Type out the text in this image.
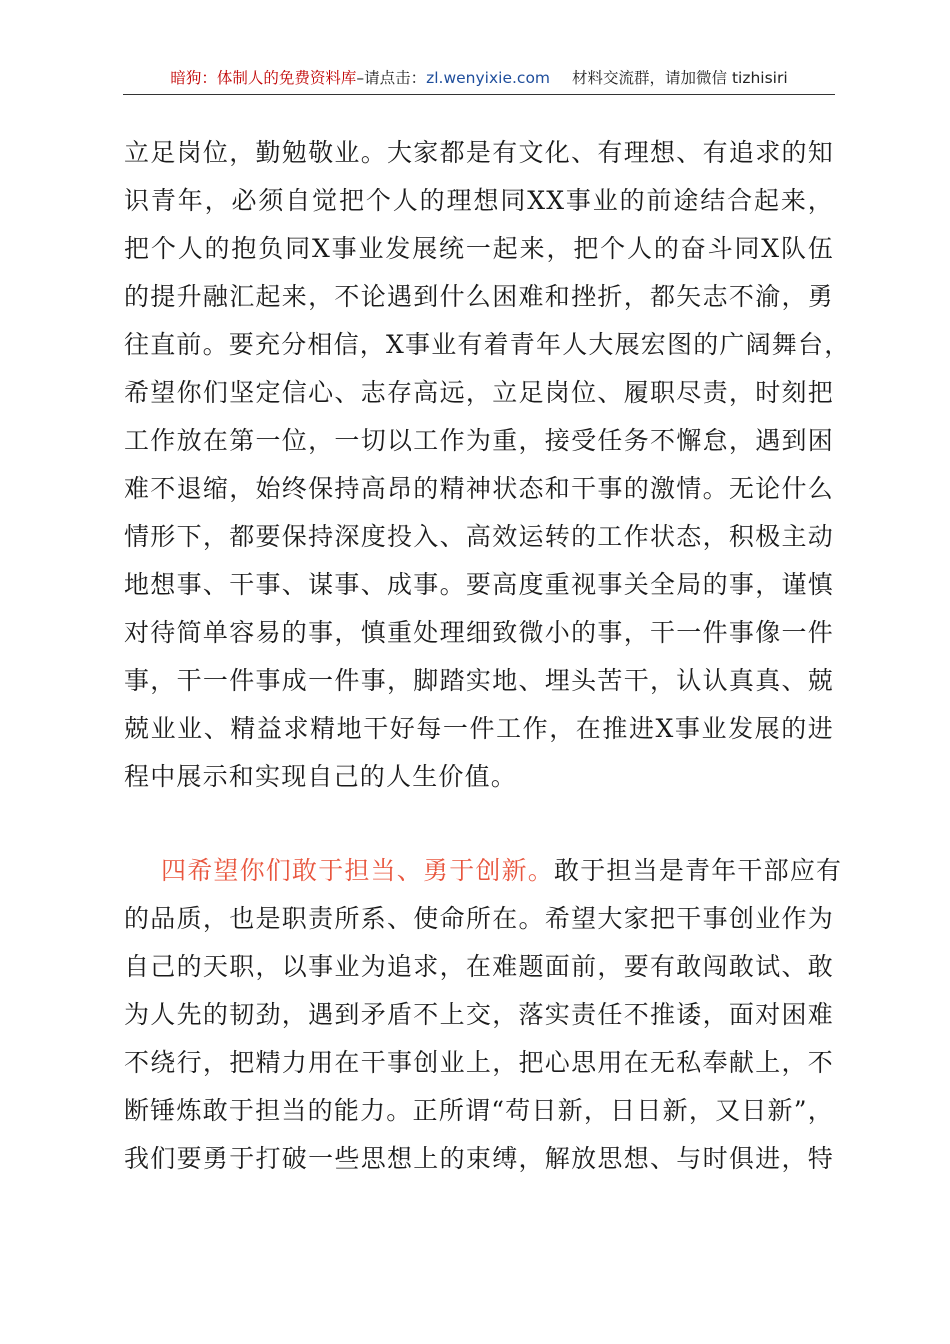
暗狗：体制人的免费资料库–请点击：zl.wenyixie.com 材料交流群，请加微信 tizhisiri
立足岗位，勤勉敬业。大家都是有文化、有理想、有追求的知
识青年，必须自觉把个人的理想同XX事业的前途结合起来，
把个人的抱负同X事业发展统一起来，把个人的奋斗同X队伍
的提升融汇起来，不论遇到什么困难和挫折，都矢志不渝，勇
往直前。要充分相信，X事业有着青年人大展宏图的广阔舞台，
希望你们坚定信心、志存高远，立足岗位、履职尽责，时刻把
工作放在第一位，一切以工作为重，接受任务不懈怠，遇到困
难不退缩，始终保持高昂的精神状态和干事的激情。无论什么
情形下，都要保持深度投入、高效运转的工作状态，积极主动
地想事、干事、谋事、成事。要高度重视事关全局的事，谨慎
对待简单容易的事，慎重处理细致微小的事，干一件事像一件
事，干一件事成一件事，脚踏实地、埋头苦干，认认真真、兢
兢业业、精益求精地干好每一件工作，在推进X事业发展的进
程中展示和实现自己的人生价值。
四希望你们敢于担当、勇于创新。敢于担当是青年干部应有
的品质，也是职责所系、使命所在。希望大家把干事创业作为
自己的天职，以事业为追求，在难题面前，要有敢闯敢试、敢
为人先的韧劲，遇到矛盾不上交，落实责任不推诿，面对困难
不绕行，把精力用在干事创业上，把心思用在无私奉献上，不
断锤炼敢于担当的能力。正所谓“苟日新，日日新，又日新”，
我们要勇于打破一些思想上的束缚，解放思想、与时俱进，特
